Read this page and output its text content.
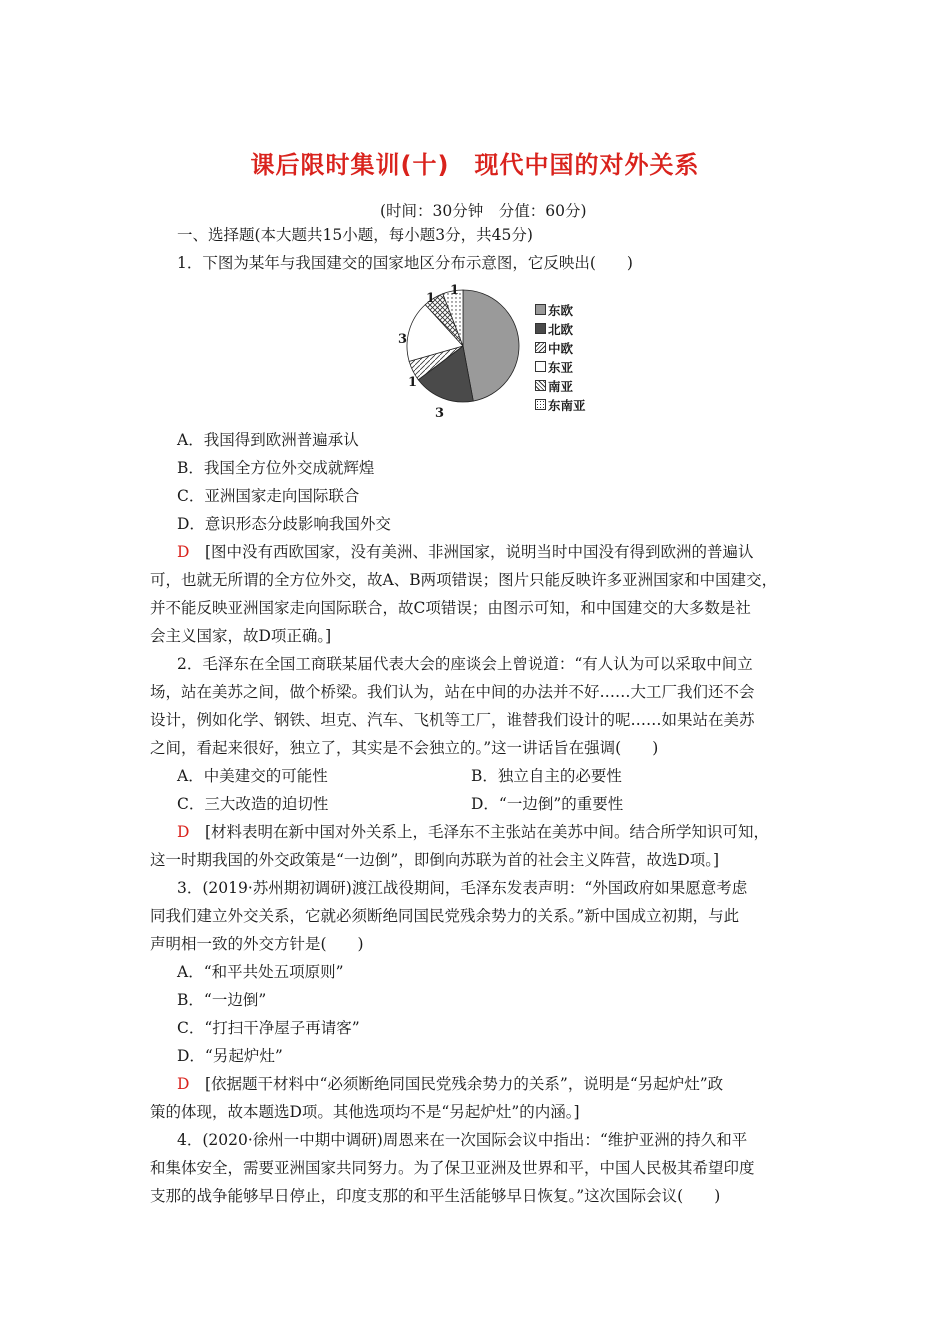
课后限时集训(十)　现代中国的对外关系
(时间：30分钟　分值：60分)
一、选择题(本大题共15小题，每小题3分，共45分)
1．下图为某年与我国建交的国家地区分布示意图，它反映出(　　)
3
1
3
1
1
东欧
北欧
中欧
东亚
南亚
东南亚
A．我国得到欧洲普遍承认
B．我国全方位外交成就辉煌
C．亚洲国家走向国际联合
D．意识形态分歧影响我国外交
D　[图中没有西欧国家，没有美洲、非洲国家，说明当时中国没有得到欧洲的普遍认
可，也就无所谓的全方位外交，故A、B两项错误；图片只能反映许多亚洲国家和中国建交，
并不能反映亚洲国家走向国际联合，故C项错误；由图示可知，和中国建交的大多数是社
会主义国家，故D项正确。]
2．毛泽东在全国工商联某届代表大会的座谈会上曾说道：“有人认为可以采取中间立
场，站在美苏之间，做个桥梁。我们认为，站在中间的办法并不好……大工厂我们还不会
设计，例如化学、钢铁、坦克、汽车、飞机等工厂，谁替我们设计的呢……如果站在美苏
之间，看起来很好，独立了，其实是不会独立的。”这一讲话旨在强调(　　)
A．中美建交的可能性	B．独立自主的必要性
C．三大改造的迫切性	D．“一边倒”的重要性
D　[材料表明在新中国对外关系上，毛泽东不主张站在美苏中间。结合所学知识可知，
这一时期我国的外交政策是“一边倒”，即倒向苏联为首的社会主义阵营，故选D项。]
3．(2019·苏州期初调研)渡江战役期间，毛泽东发表声明：“外国政府如果愿意考虑
同我们建立外交关系，它就必须断绝同国民党残余势力的关系。”新中国成立初期，与此
声明相一致的外交方针是(　　)
A．“和平共处五项原则”
B．“一边倒”
C．“打扫干净屋子再请客”
D．“另起炉灶”
D　[依据题干材料中“必须断绝同国民党残余势力的关系”，说明是“另起炉灶”政
策的体现，故本题选D项。其他选项均不是“另起炉灶”的内涵。]
4．(2020·徐州一中期中调研)周恩来在一次国际会议中指出：“维护亚洲的持久和平
和集体安全，需要亚洲国家共同努力。为了保卫亚洲及世界和平，中国人民极其希望印度
支那的战争能够早日停止，印度支那的和平生活能够早日恢复。”这次国际会议(　　)
